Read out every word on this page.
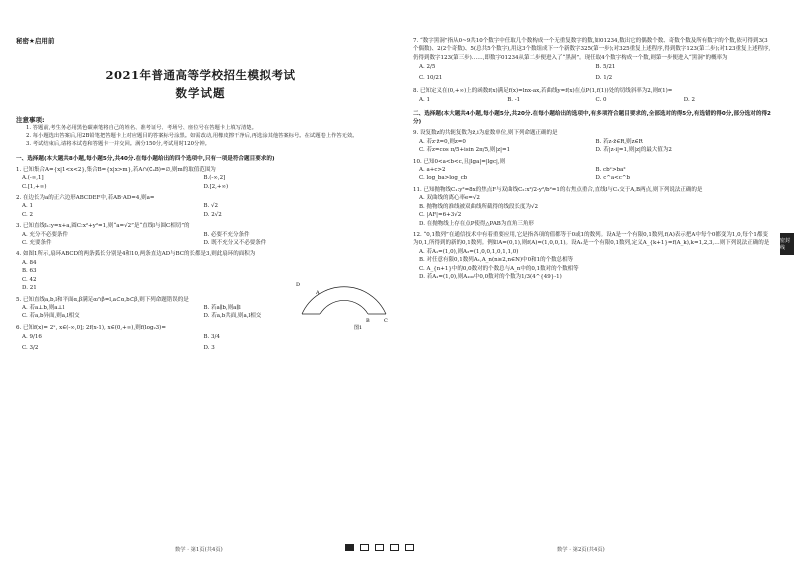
秘密★启用前
2021年普通高等学校招生模拟考试
数学试题
注意事项:

1. 答题前,考生务必用黑色碳素笔将自己的姓名、准考证号、考场号、座位号在答题卡上填写清楚。

2. 每小题选出答案后,用2B铅笔把答题卡上对应题目的答案标号涂黑。如需改动,用橡皮擦干净后,再选涂其他答案标号。在试题卷上作答无效。

3. 考试结束后,请将本试卷和答题卡一并交回。满分150分,考试用时120分钟。

一、选择题(本大题共8小题,每小题5分,共40分.在每小题给出的四个选项中,只有一项是符合题目要求的)
1. 已知集合A={x|1<x<2},集合B={x|x>m},若A∩(∁ₐB)=∅,则m的取值范围为
A.(-∞,1]	B.(-∞,2]
C.[1,+∞)	D.[2,+∞)
2. 在边长为a的正六边形ABCDEF中,若AB·AD=4,则a=
A. 1	B. √2
C. 2	D. 2√2
3. 已知直线l₁:y=x+a,圆C:x²+y²=1,则“a=√2”是“直线l与圆C相切”的
A. 充分不必要条件	B. 必要不充分条件
C. 充要条件	D. 既不充分又不必要条件
4. 如图1所示,扇环ABCD的两条弧长分别是4和10,两条直边AD与BC的长都是3,则此扇环的面积为
A. 84
B. 63
C. 42
D. 21
A
D
B	C
图1
5. 已知直线a,b,l和平面α,β满足α∩β=l,a⊂α,b⊂β,则下列命题错误的是
A. 若a⊥b,则a⊥l	B. 若a∥b,则a∥l
C. 若a,b异面,则a,l相交	D. 若a,b共面,则a,l相交
6. 已知f(x)= 2ˣ, x∈(-∞,0]; 2f(x-1), x∈(0,+∞),则f(log₂3)=
A. 9/16	B. 3/4
C. 3/2	D. 3
数学 · 第1页(共4页)
7. “数字黑洞”指从0~9共10个数字中任取几个数构成一个无重复数字的数,如01234,数出它的偶数个数、奇数个数及所有数字的个数,依可得到3(3个偶数)、2(2个奇数)、5(总共5个数字),用这3个数组成下一个新数字325(第一步);对325重复上述程序,得到数字123(第二步);对123重复上述程序,仍得到数字123(第三步)……,即数字01234从第二步便进入了“黑洞”。现任取4个数字构成一个数,则第一步便进入“黑洞”的概率为
A. 2/5	B. 5/21
C. 10/21	D. 1/2
8. 已知定义在(0,+∞)上的函数f(x)满足f(x)=lnx-ax,若曲线y=f(x)在点P(1,f(1))处的切线斜率为2,则f(1)=
A. 1	B. -1	C. 0	D. 2
二、选择题(本大题共4小题,每小题5分,共20分.在每小题给出的选项中,有多项符合题目要求的,全部选对的得5分,有选错的得0分,部分选对的得2分)
9. 设复数z的共轭复数为z̄,i为虚数单位,则下列命题正确的是
A. 若z·z̄=0,则z=0	B. 若z-z̄∈R,则z∈R
C. 若z=cos π/5+isin 2π/5,则|z|=1	D. 若|z-i|=1,则|z|的最大值为2
10. 已知0<a<b<c,且|lga|=|lgc|,则
A. a+c>2	B. cbˣ>ba²
C. log_ba>log_cb	D. c^a<c^b
11. 已知抛物线C₁:y²=8x的焦点F与双曲线C₂:x²/2-y²/b²=1的右焦点重合,直线l与C₁交于A,B两点,则下列说法正确的是
A. 双曲线的离心率e=√2
B. 抛物线的准线被双曲线所截得的线段长度为√2
C. |AF|=6+3√2
D. 在抛物线上存在点P使得△PAB为直角三角形
12. “0,1数列”在通信技术中有着重要应用,它是指各项的值都等于0或1的数列。设A是一个有限0,1数列,f(A)表示把A中每个0都变为1,0,每个1都变为0,1,所得到的新的0,1数列。例如A=(0,1),则f(A)=(1,0,0,1)。设A₁是一个有限0,1数列,定义A_{k+1}=f(A_k),k=1,2,3,…则下列说法正确的是
A. 若A₁=(1,0),则A₃=(1,0,0,1,0,1,1,0)
B. 对任意有限0,1数列A₁,A_n(n≥2,n∈N)中0和1的个数总相等
C. A_{n+1}中的0,0数对的个数总与A_n中的0,1数对的个数相等
D. 若A₁=(1,0),则A₁₀₀中0,0数对的个数为1/3(4^{49}-1)
数学 · 第2页(共4页)
密封线
